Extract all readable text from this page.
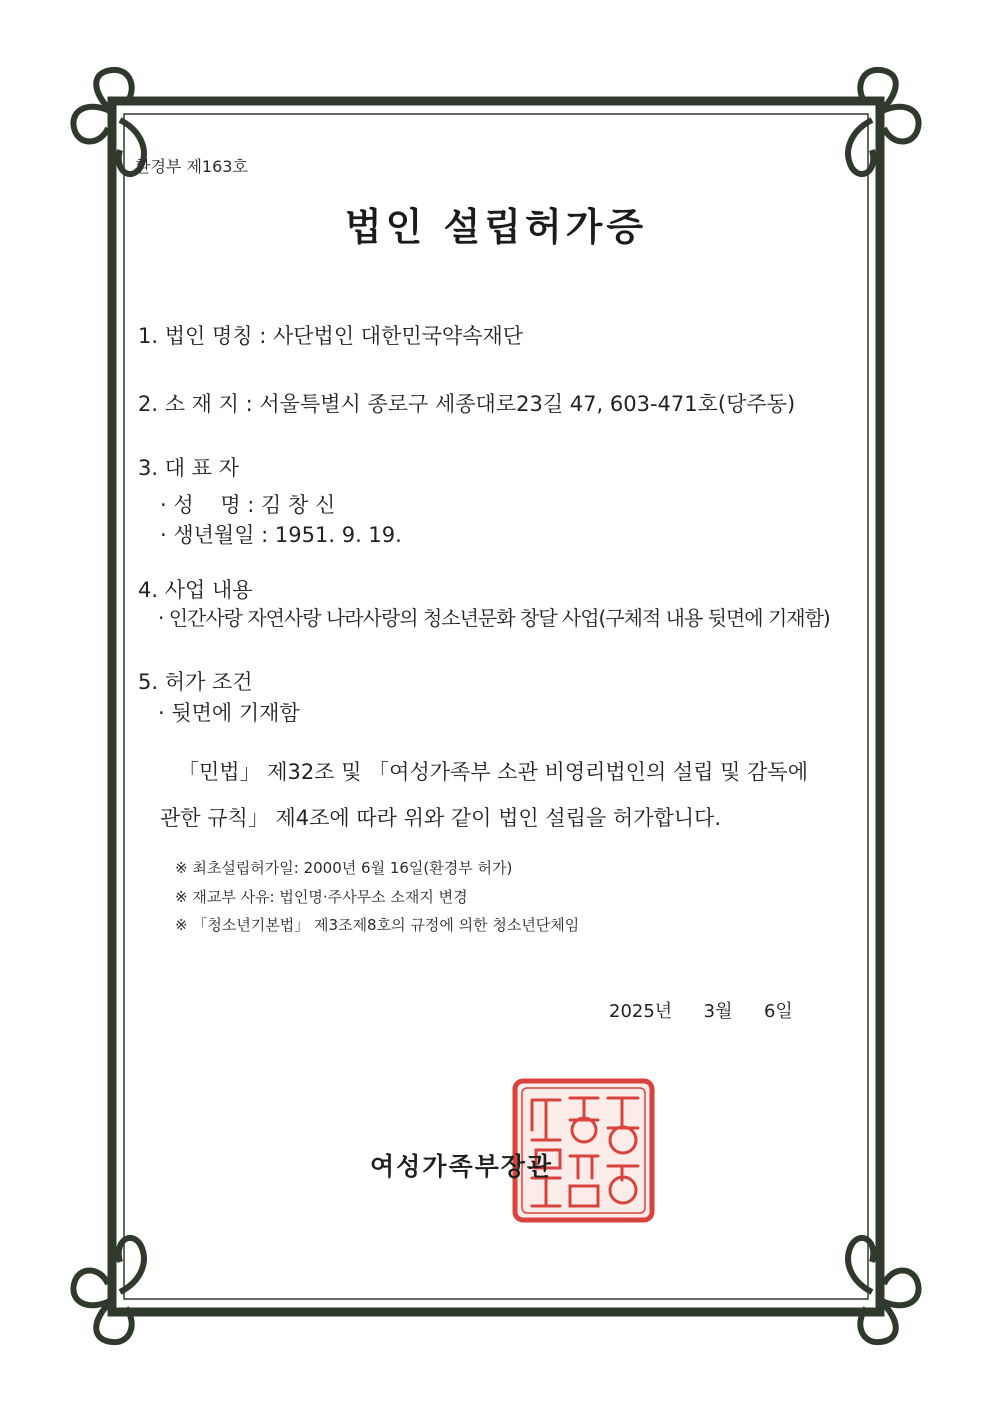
환경부 제163호
법인 설립허가증
1. 법인 명칭 : 사단법인 대한민국약속재단
2. 소 재 지 : 서울특별시 종로구 세종대로23길 47, 603-471호(당주동)
3. 대 표 자
· 성    명 : 김 창 신
· 생년월일 : 1951. 9. 19.
4. 사업 내용
· 인간사랑 자연사랑 나라사랑의 청소년문화 창달 사업(구체적 내용 뒷면에 기재함)
5. 허가 조건
· 뒷면에 기재함
「민법」 제32조 및 「여성가족부 소관 비영리법인의 설립 및 감독에
관한 규칙」 제4조에 따라 위와 같이 법인 설립을 허가합니다.
※ 최초설립허가일: 2000년 6월 16일(환경부 허가)
※ 재교부 사유: 법인명·주사무소 소재지 변경
※ 「청소년기본법」 제3조제8호의 규정에 의한 청소년단체임
2025년 3월 6일
여성가족부장관
